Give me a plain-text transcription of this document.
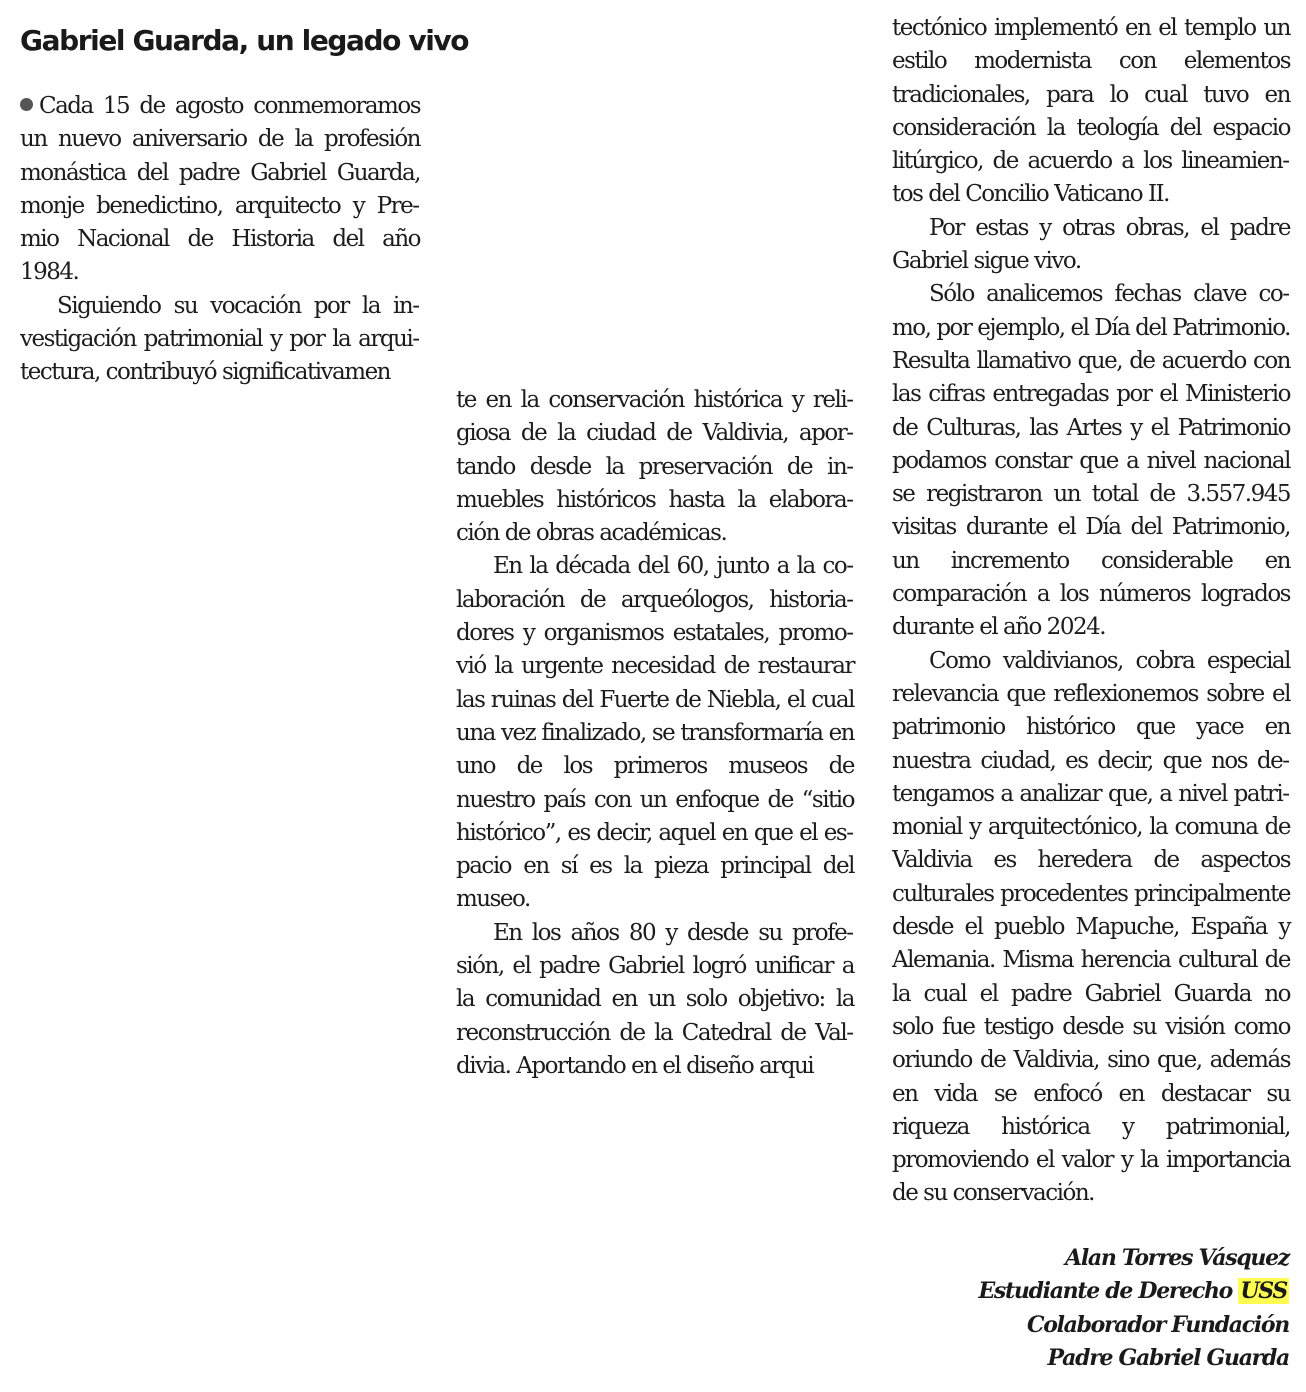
Gabriel Guarda, un legado vivo

Cada 15 de agosto conmemoramos un nuevo aniversario de la profesión monástica del padre Gabriel Guarda, monje benedictino, arquitecto y Premio Nacional de Historia del año 1984.

Siguiendo su vocación por la investigación patrimonial y por la arquitectura, contribuyó significativamen

te en la conservación histórica y religiosa de la ciudad de Valdivia, aportando desde la preservación de inmuebles históricos hasta la elaboración de obras académicas.

En la década del 60, junto a la colaboración de arqueólogos, historiadores y organismos estatales, promovió la urgente necesidad de restaurar las ruinas del Fuerte de Niebla, el cual una vez finalizado, se transformaría en uno de los primeros museos de nuestro país con un enfoque de “sitio histórico”, es decir, aquel en que el espacio en sí es la pieza principal del museo.

En los años 80 y desde su profesión, el padre Gabriel logró unificar a la comunidad en un solo objetivo: la reconstrucción de la Catedral de Valdivia. Aportando en el diseño arqui

tectónico implementó en el templo un estilo modernista con elementos tradicionales, para lo cual tuvo en consideración la teología del espacio litúrgico, de acuerdo a los lineamientos del Concilio Vaticano II.

Por estas y otras obras, el padre Gabriel sigue vivo.

Sólo analicemos fechas clave como, por ejemplo, el Día del Patrimonio. Resulta llamativo que, de acuerdo con las cifras entregadas por el Ministerio de Culturas, las Artes y el Patrimonio podamos constar que a nivel nacional se registraron un total de 3.557.945 visitas durante el Día del Patrimonio, un incremento considerable en comparación a los números logrados durante el año 2024.

Como valdivianos, cobra especial relevancia que reflexionemos sobre el patrimonio histórico que yace en nuestra ciudad, es decir, que nos detengamos a analizar que, a nivel patrimonial y arquitectónico, la comuna de Valdivia es heredera de aspectos culturales procedentes principalmente desde el pueblo Mapuche, España y Alemania. Misma herencia cultural de la cual el padre Gabriel Guarda no solo fue testigo desde su visión como oriundo de Valdivia, sino que, además en vida se enfocó en destacar su riqueza histórica y patrimonial, promoviendo el valor y la importancia de su conservación.

Alan Torres Vásquez
Estudiante de Derecho USS
Colaborador Fundación
Padre Gabriel Guarda
